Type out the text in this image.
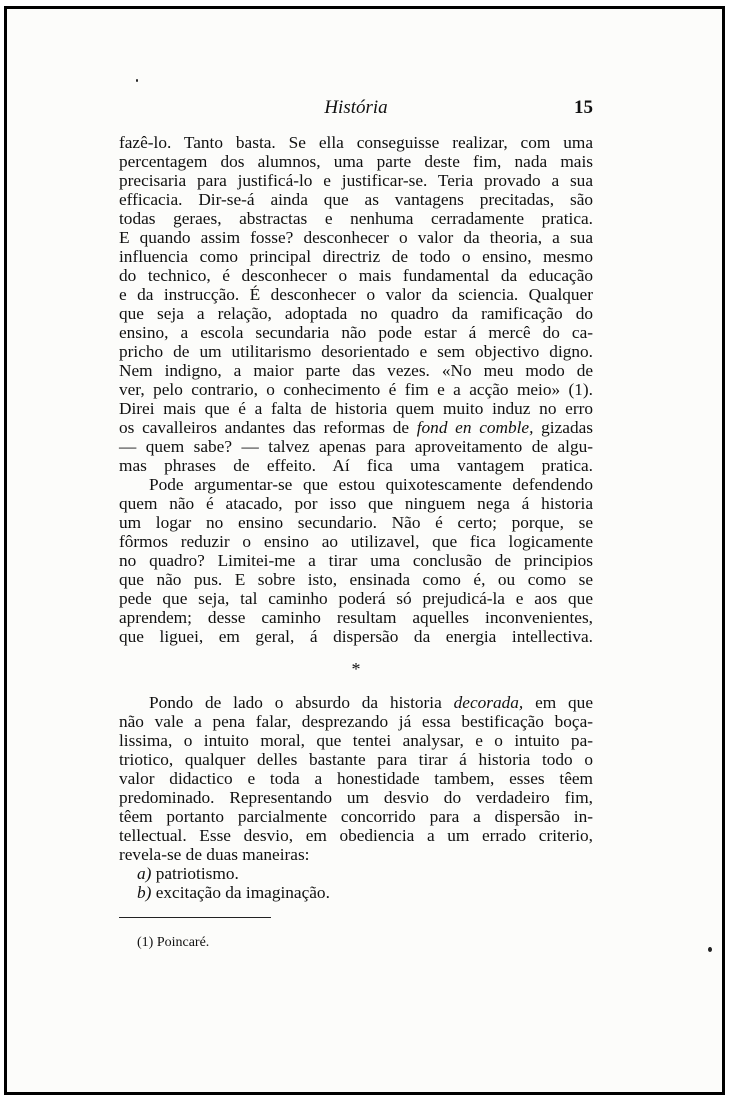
História	15
fazê-lo. Tanto basta. Se ella conseguisse realizar, com uma
percentagem dos alumnos, uma parte deste fim, nada mais
precisaria para justificá-lo e justificar-se. Teria provado a sua
efficacia. Dir-se-á ainda que as vantagens precitadas, são
todas geraes, abstractas e nenhuma cerradamente pratica.
E quando assim fosse? desconhecer o valor da theoria, a sua
influencia como principal directriz de todo o ensino, mesmo
do technico, é desconhecer o mais fundamental da educação
e da instrucção. É desconhecer o valor da sciencia. Qualquer
que seja a relação, adoptada no quadro da ramificação do
ensino, a escola secundaria não pode estar á mercê do ca-
pricho de um utilitarismo desorientado e sem objectivo digno.
Nem indigno, a maior parte das vezes. «No meu modo de
ver, pelo contrario, o conhecimento é fim e a acção meio» (1).
Direi mais que é a falta de historia quem muito induz no erro
os cavalleiros andantes das reformas de fond en comble, gizadas
— quem sabe? — talvez apenas para aproveitamento de algu-
mas phrases de effeito. Aí fica uma vantagem pratica.
Pode argumentar-se que estou quixotescamente defendendo
quem não é atacado, por isso que ninguem nega á historia
um logar no ensino secundario. Não é certo; porque, se
fôrmos reduzir o ensino ao utilizavel, que fica logicamente
no quadro? Limitei-me a tirar uma conclusão de principios
que não pus. E sobre isto, ensinada como é, ou como se
pede que seja, tal caminho poderá só prejudicá-la e aos que
aprendem; desse caminho resultam aquelles inconvenientes,
que liguei, em geral, á dispersão da energia intellectiva.
*
Pondo de lado o absurdo da historia decorada, em que
não vale a pena falar, desprezando já essa bestificação boça-
lissima, o intuito moral, que tentei analysar, e o intuito pa-
triotico, qualquer delles bastante para tirar á historia todo o
valor didactico e toda a honestidade tambem, esses têem
predominado. Representando um desvio do verdadeiro fim,
têem portanto parcialmente concorrido para a dispersão in-
tellectual. Esse desvio, em obediencia a um errado criterio,
revela-se de duas maneiras:
a) patriotismo.
b) excitação da imaginação.
(1) Poincaré.
